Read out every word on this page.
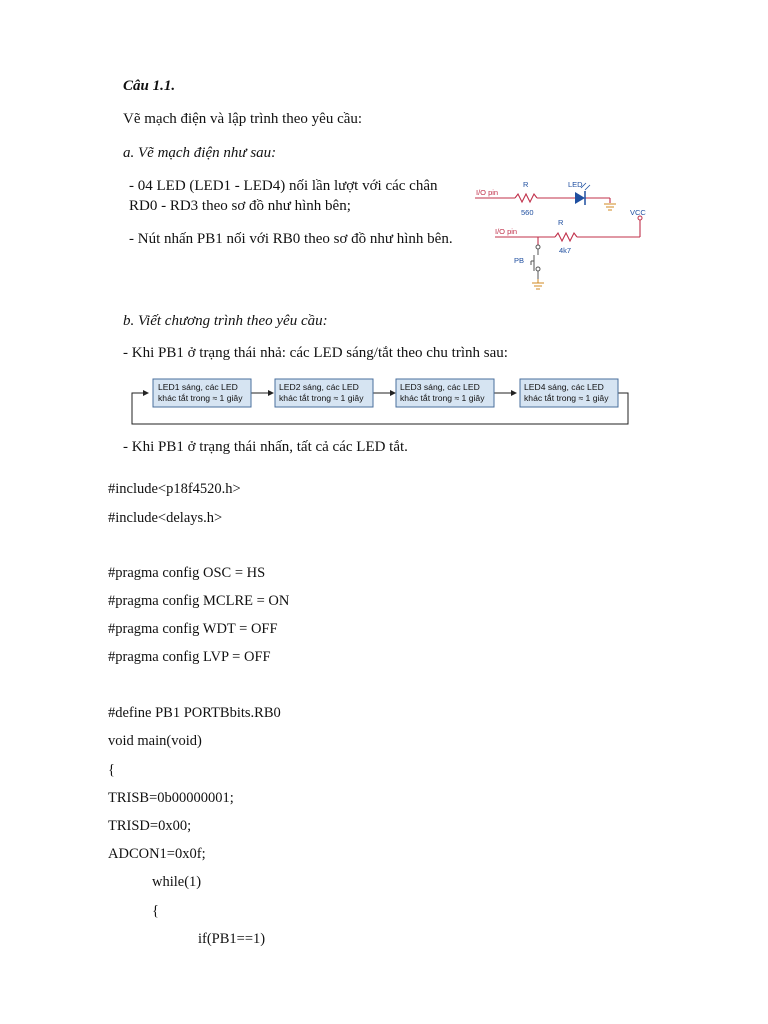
Câu 1.1.
Vẽ mạch điện và lập trình theo yêu cầu:
a. Vẽ mạch điện như sau:
- 04 LED (LED1 - LED4) nối lần lượt với các chân
RD0 - RD3 theo sơ đồ như hình bên;
- Nút nhấn PB1 nối với RB0 theo sơ đồ như hình bên.
I/O pin
R
560
LED
VCC
R
4k7
I/O pin
PB
b. Viết chương trình theo yêu cầu:
- Khi PB1 ở trạng thái nhả: các LED sáng/tắt theo chu trình sau:
LED1 sáng, các LED
khác tắt trong ≈ 1 giây
LED2 sáng, các LED
khác tắt trong ≈ 1 giây
LED3 sáng, các LED
khác tắt trong ≈ 1 giây
LED4 sáng, các LED
khác tắt trong ≈ 1 giây
- Khi PB1 ở trạng thái nhấn, tất cả các LED tắt.
#include<p18f4520.h>
#include<delays.h>
#pragma config OSC = HS
#pragma config MCLRE = ON
#pragma config WDT = OFF
#pragma config LVP = OFF
#define PB1 PORTBbits.RB0
void main(void)
{
TRISB=0b00000001;
TRISD=0x00;
ADCON1=0x0f;
while(1)
{
if(PB1==1)
